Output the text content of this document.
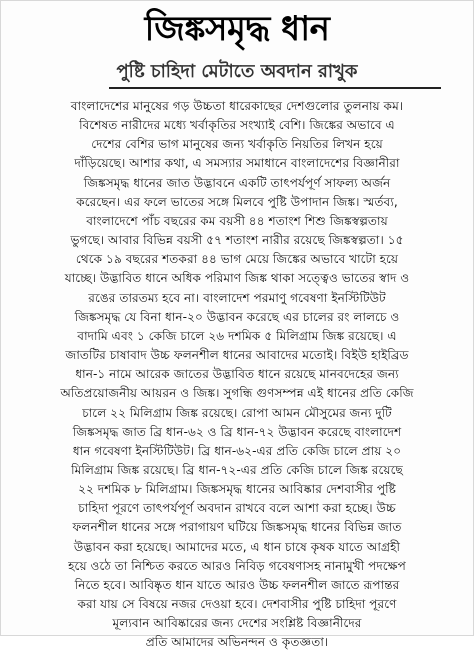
জিঙ্কসমৃদ্ধ ধান
পুষ্টি চাহিদা মেটাতে অবদান রাখুক
বাংলাদেশের মানুষের গড় উচ্চতা ধারেকাছের দেশগুলোর তুলনায় কম।
বিশেষত নারীদের মধ্যে খর্বাকৃতির সংখ্যাই বেশি। জিঙ্কের অভাবে এ
দেশের বেশির ভাগ মানুষের জন্য খর্বাকৃতি নিয়তির লিখন হয়ে
দাঁড়িয়েছে। আশার কথা, এ সমস্যার সমাধানে বাংলাদেশের বিজ্ঞানীরা
জিঙ্কসমৃদ্ধ ধানের জাত উদ্ভাবনে একটি তাৎপর্যপূর্ণ সাফল্য অর্জন
করেছেন। এর ফলে ভাতের সঙ্গে মিলবে পুষ্টি উপাদান জিঙ্ক। স্মর্তব্য,
বাংলাদেশে পাঁচ বছরের কম বয়সী ৪৪ শতাংশ শিশু জিঙ্কস্বল্পতায়
ভুগছে। আবার বিভিন্ন বয়সী ৫৭ শতাংশ নারীর রয়েছে জিঙ্কস্বল্পতা। ১৫
থেকে ১৯ বছরের শতকরা ৪৪ ভাগ মেয়ে জিঙ্কের অভাবে খাটো হয়ে
যাচ্ছে। উদ্ভাবিত ধানে অধিক পরিমাণ জিঙ্ক থাকা সত্ত্বেও ভাতের স্বাদ ও
রঙের তারতম্য হবে না। বাংলাদেশ পরমাণু গবেষণা ইনস্টিটিউট
জিঙ্কসমৃদ্ধ যে বিনা ধান-২০ উদ্ভাবন করেছে এর চালের রং লালচে ও
বাদামি এবং ১ কেজি চালে ২৬ দশমিক ৫ মিলিগ্রাম জিঙ্ক রয়েছে। এ
জাতটির চাষাবাদ উচ্চ ফলনশীল ধানের আবাদের মতোই। বিইউ হাইব্রিড
ধান-১ নামে আরেক জাতের উদ্ভাবিত ধানে রয়েছে মানবদেহের জন্য
অতিপ্রয়োজনীয় আয়রন ও জিঙ্ক। সুগন্ধি গুণসম্পন্ন এই ধানের প্রতি কেজি
চালে ২২ মিলিগ্রাম জিঙ্ক রয়েছে। রোপা আমন মৌসুমের জন্য দুটি
জিঙ্কসমৃদ্ধ জাত ব্রি ধান-৬২ ও ব্রি ধান-৭২ উদ্ভাবন করেছে বাংলাদেশ
ধান গবেষণা ইনস্টিটিউট। ব্রি ধান-৬২-এর প্রতি কেজি চালে প্রায় ২০
মিলিগ্রাম জিঙ্ক রয়েছে। ব্রি ধান-৭২-এর প্রতি কেজি চালে জিঙ্ক রয়েছে
২২ দশমিক ৮ মিলিগ্রাম। জিঙ্কসমৃদ্ধ ধানের আবিষ্কার দেশবাসীর পুষ্টি
চাহিদা পূরণে তাৎপর্যপূর্ণ অবদান রাখবে বলে আশা করা হচ্ছে। উচ্চ
ফলনশীল ধানের সঙ্গে পরাগায়ণ ঘটিয়ে জিঙ্কসমৃদ্ধ ধানের বিভিন্ন জাত
উদ্ভাবন করা হয়েছে। আমাদের মতে, এ ধান চাষে কৃষক যাতে আগ্রহী
হয়ে ওঠে তা নিশ্চিত করতে আরও নিবিড় গবেষণাসহ নানামুখী পদক্ষেপ
নিতে হবে। আবিষ্কৃত ধান যাতে আরও উচ্চ ফলনশীল জাতে রূপান্তর
করা যায় সে বিষয়ে নজর দেওয়া হবে। দেশবাসীর পুষ্টি চাহিদা পূরণে
মূল্যবান আবিষ্কারের জন্য দেশের সংশ্লিষ্ট বিজ্ঞানীদের
প্রতি আমাদের অভিনন্দন ও কৃতজ্ঞতা।
